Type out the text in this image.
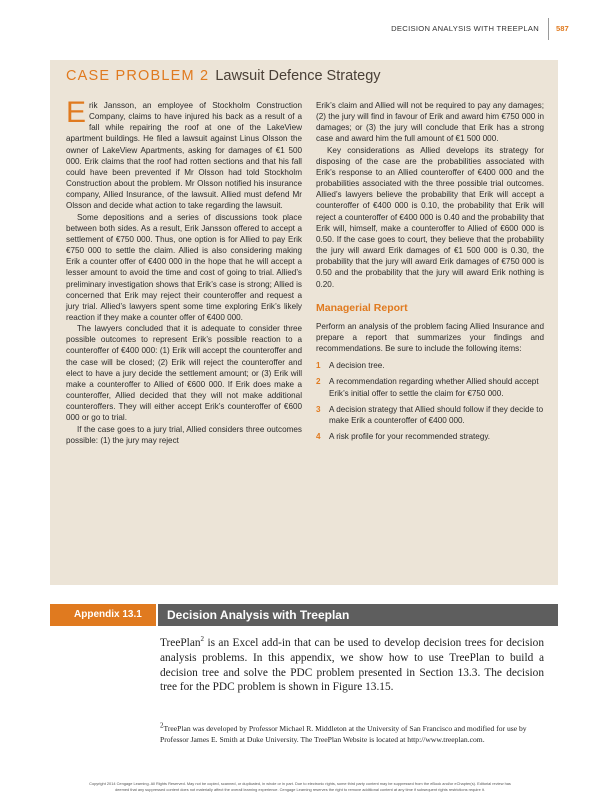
DECISION ANALYSIS WITH TREEPLAN 587
CASE PROBLEM 2 Lawsuit Defence Strategy

Erik Jansson, an employee of Stockholm Construction Company, claims to have injured his back as a result of a fall while repairing the roof at one of the LakeView apartment buildings. He filed a lawsuit against Linus Olsson the owner of LakeView Apartments, asking for damages of €1 500 000. Erik claims that the roof had rotten sections and that his fall could have been prevented if Mr Olsson had told Stockholm Construction about the problem. Mr Olsson notified his insurance company, Allied Insurance, of the lawsuit. Allied must defend Mr Olsson and decide what action to take regarding the lawsuit.

Some depositions and a series of discussions took place between both sides. As a result, Erik Jansson offered to accept a settlement of €750 000. Thus, one option is for Allied to pay Erik €750 000 to settle the claim. Allied is also considering making Erik a counter offer of €400 000 in the hope that he will accept a lesser amount to avoid the time and cost of going to trial. Allied’s preliminary investigation shows that Erik’s case is strong; Allied is concerned that Erik may reject their counteroffer and request a jury trial. Allied’s lawyers spent some time exploring Erik’s likely reaction if they make a counter offer of €400 000.

The lawyers concluded that it is adequate to consider three possible outcomes to represent Erik’s possible reaction to a counteroffer of €400 000: (1) Erik will accept the counteroffer and the case will be closed; (2) Erik will reject the counteroffer and elect to have a jury decide the settlement amount; or (3) Erik will make a counteroffer to Allied of €600 000. If Erik does make a counteroffer, Allied decided that they will not make additional counteroffers. They will either accept Erik’s counteroffer of €600 000 or go to trial.

If the case goes to a jury trial, Allied considers three outcomes possible: (1) the jury may reject

Erik’s claim and Allied will not be required to pay any damages; (2) the jury will find in favour of Erik and award him €750 000 in damages; or (3) the jury will conclude that Erik has a strong case and award him the full amount of €1 500 000.

Key considerations as Allied develops its strategy for disposing of the case are the probabilities associated with Erik’s response to an Allied counteroffer of €400 000 and the probabilities associated with the three possible trial outcomes. Allied’s lawyers believe the probability that Erik will accept a counteroffer of €400 000 is 0.10, the probability that Erik will reject a counteroffer of €400 000 is 0.40 and the probability that Erik will, himself, make a counteroffer to Allied of €600 000 is 0.50. If the case goes to court, they believe that the probability the jury will award Erik damages of €1 500 000 is 0.30, the probability that the jury will award Erik damages of €750 000 is 0.50 and the probability that the jury will award Erik nothing is 0.20.

Managerial Report

Perform an analysis of the problem facing Allied Insurance and prepare a report that summarizes your findings and recommendations. Be sure to include the following items:

1 A decision tree.
2 A recommendation regarding whether Allied should accept Erik’s initial offer to settle the claim for €750 000.
3 A decision strategy that Allied should follow if they decide to make Erik a counteroffer of €400 000.
4 A risk profile for your recommended strategy.
Appendix 13.1	Decision Analysis with Treeplan

TreePlan$^2$ is an Excel add-in that can be used to develop decision trees for decision analysis problems. In this appendix, we show how to use TreePlan to build a decision tree and solve the PDC problem presented in Section 13.3. The decision tree for the PDC problem is shown in Figure 13.15.

$^2$TreePlan was developed by Professor Michael R. Middleton at the University of San Francisco and modified for use by Professor James E. Smith at Duke University. The TreePlan Website is located at http://www.treeplan.com.

Copyright 2014 Cengage Learning. All Rights Reserved. May not be copied, scanned, or duplicated, in whole or in part. Due to electronic rights, some third party content may be suppressed from the eBook and/or eChapter(s). Editorial review has

deemed that any suppressed content does not materially affect the overall learning experience. Cengage Learning reserves the right to remove additional content at any time if subsequent rights restrictions require it.
